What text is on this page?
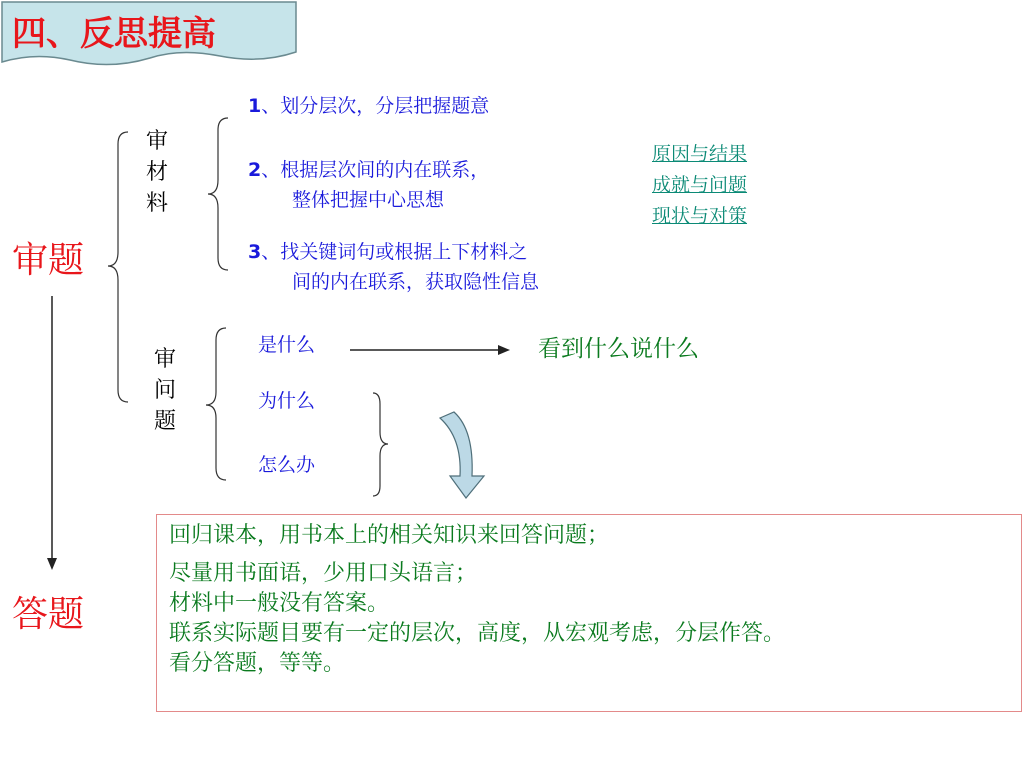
四、反思提高
审题
答题
审材料
1、划分层次，分层把握题意
2、根据层次间的内在联系，
整体把握中心思想
3、找关键词句或根据上下材料之
间的内在联系，获取隐性信息
原因与结果
成就与问题
现状与对策
审问题
是什么
为什么
怎么办
看到什么说什么
回归课本，用书本上的相关知识来回答问题；
尽量用书面语，少用口头语言；
材料中一般没有答案。
联系实际题目要有一定的层次，高度，从宏观考虑，分层作答。
看分答题，等等。
